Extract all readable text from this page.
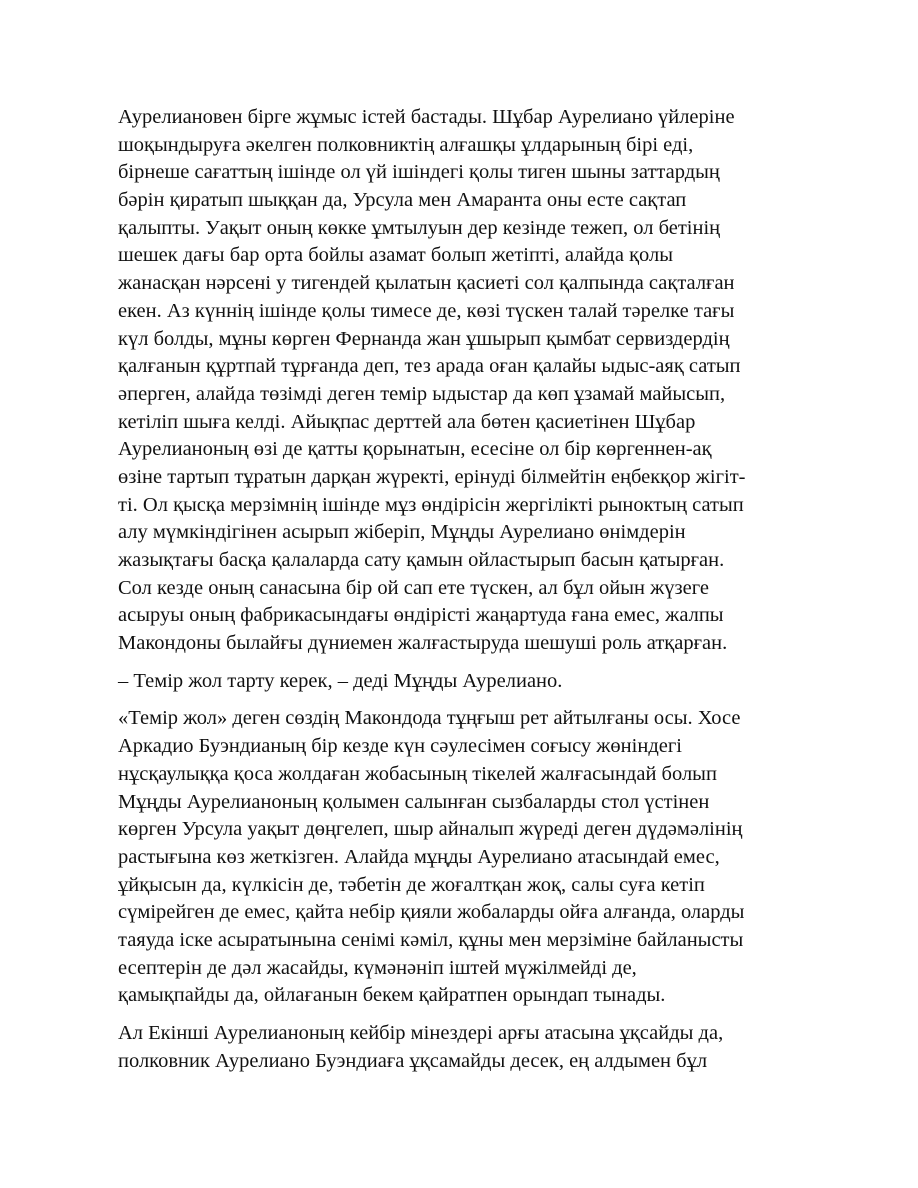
Аурелиановен бірге жұмыс істей бастады. Шұбар Аурелиано үйлеріне
шоқындыруға әкелген полковниктің алғашқы ұлдарының бірі еді,
бірнеше сағаттың ішінде ол үй ішіндегі қолы тиген шыны заттардың
бәрін қиратып шыққан да, Урсула мен Амаранта оны есте сақтап
қалыпты. Уақыт оның көкке ұмтылуын дер кезінде тежеп, ол бетінің
шешек дағы бар орта бойлы азамат болып жетіпті, алайда қолы
жанасқан нәрсені у тигендей қылатын қасиеті сол қалпында сақталған
екен. Аз күннің ішінде қолы тимесе де, көзі түскен талай тәрелке тағы
күл болды, мұны көрген Фернанда жан ұшырып қымбат сервиздердің
қалғанын құртпай тұрғанда деп, тез арада оған қалайы ыдыс-аяқ сатып
әперген, алайда төзімді деген темір ыдыстар да көп ұзамай майысып,
кетіліп шыға келді. Айықпас дерттей ала бөтен қасиетінен Шұбар
Аурелианоның өзі де қатты қорынатын, есесіне ол бір көргеннен-ақ
өзіне тартып тұратын дарқан жүректі, ерінуді білмейтін еңбекқор жігіт-
ті. Ол қысқа мерзімнің ішінде мұз өндірісін жергілікті рыноктың сатып
алу мүмкіндігінен асырып жіберіп, Мұңды Аурелиано өнімдерін
жазықтағы басқа қалаларда сату қамын ойластырып басын қатырған.
Сол кезде оның санасына бір ой сап ете түскен, ал бұл ойын жүзеге
асыруы оның фабрикасындағы өндірісті жаңартуда ғана емес, жалпы
Макондоны былайғы дүниемен жалғастыруда шешуші роль атқарған.
– Темір жол тарту керек, – деді Мұңды Аурелиано.
«Темір жол» деген сөздің Макондода тұңғыш рет айтылғаны осы. Хосе
Аркадио Буэндианың бір кезде күн сәулесімен соғысу жөніндегі
нұсқаулыққа қоса жолдаған жобасының тікелей жалғасындай болып
Мұңды Аурелианоның қолымен салынған сызбаларды стол үстінен
көрген Урсула уақыт дөңгелеп, шыр айналып жүреді деген дүдәмәлінің
растығына көз жеткізген. Алайда мұңды Аурелиано атасындай емес,
ұйқысын да, күлкісін де, тәбетін де жоғалтқан жоқ, салы суға кетіп
сүмірейген де емес, қайта небір қияли жобаларды ойға алғанда, оларды
таяуда іске асыратынына сенімі кәміл, құны мен мерзіміне байланысты
есептерін де дәл жасайды, күмәнәніп іштей мүжілмейді де,
қамықпайды да, ойлағанын бекем қайратпен орындап тынады.
Ал Екінші Аурелианоның кейбір мінездері арғы атасына ұқсайды да,
полковник Аурелиано Буэндиаға ұқсамайды десек, ең алдымен бұл
